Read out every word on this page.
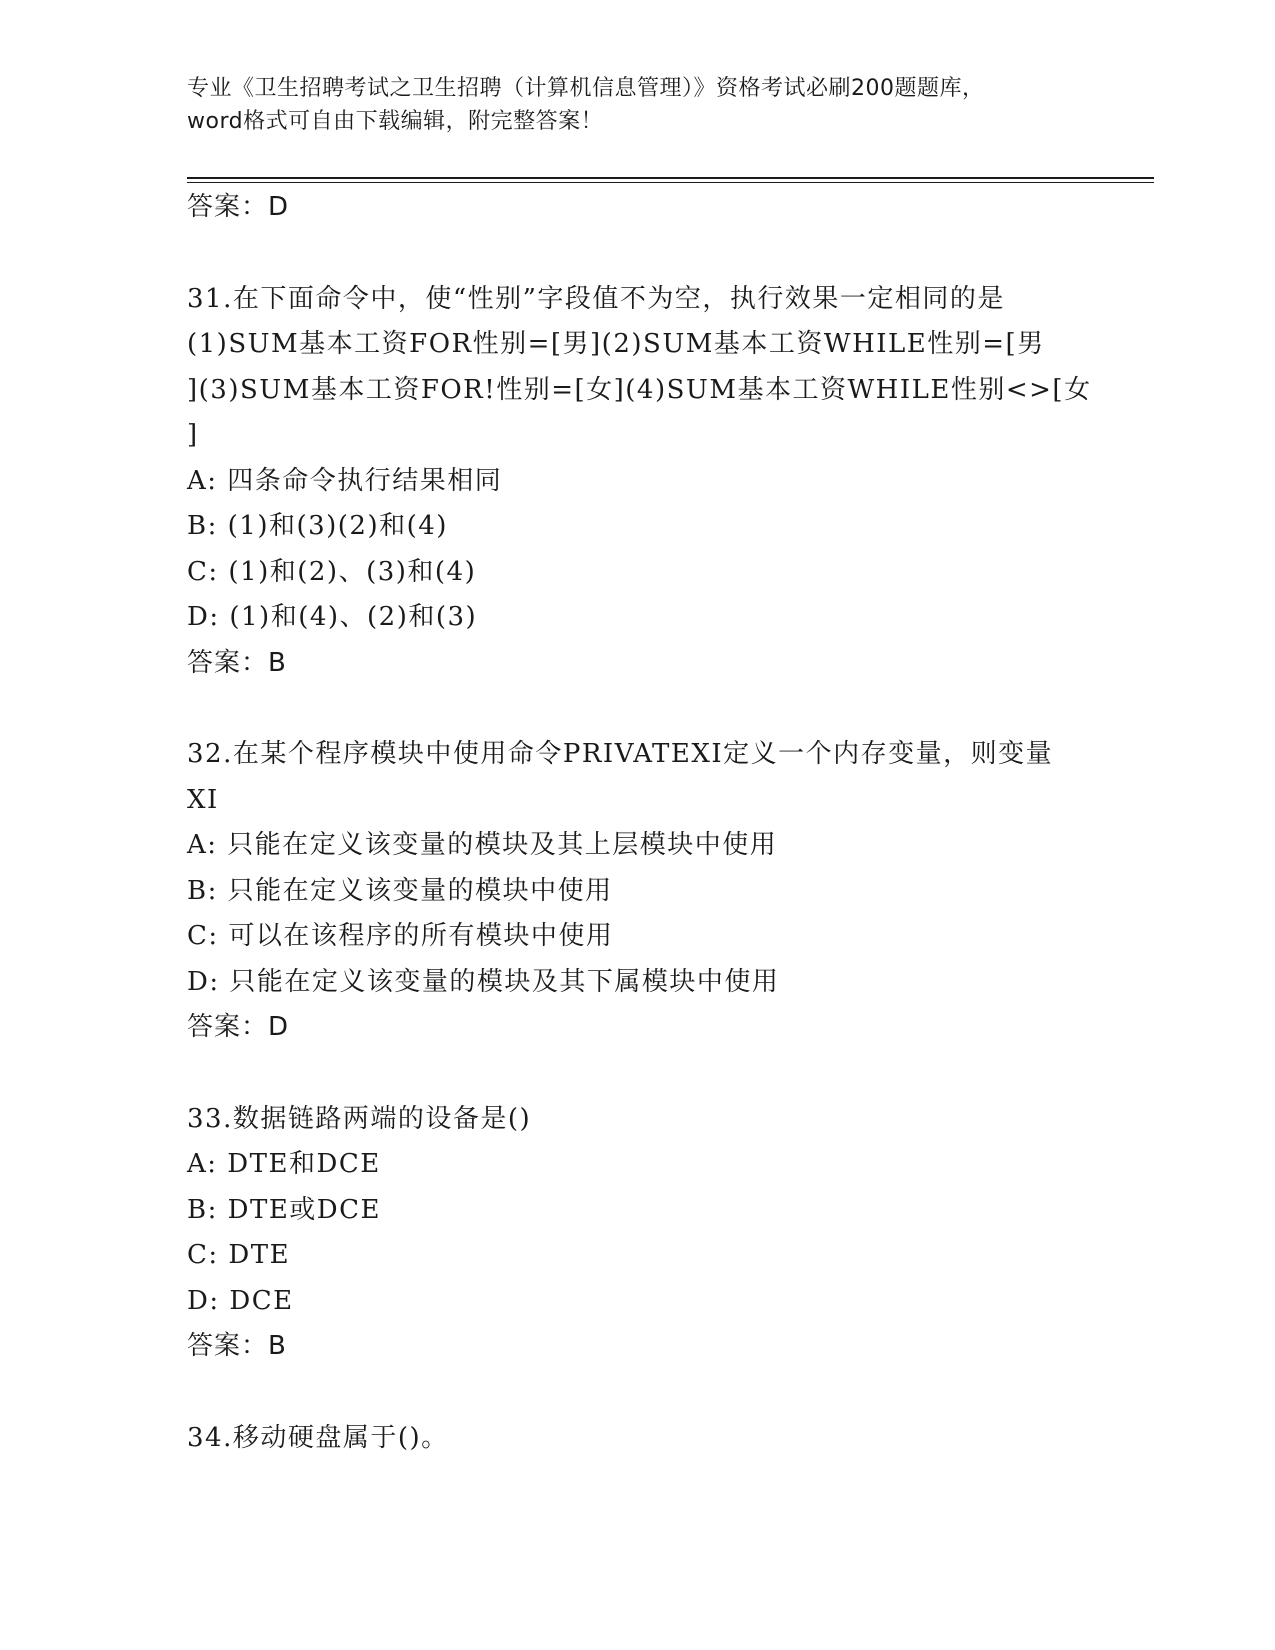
专业《卫生招聘考试之卫生招聘（计算机信息管理）》资格考试必刷200题题库，
word格式可自由下载编辑，附完整答案！
答案：D
31.在下面命令中，使“性别”字段值不为空，执行效果一定相同的是
(1)SUM基本工资FOR性别=[男](2)SUM基本工资WHILE性别=[男
](3)SUM基本工资FOR!性别=[女](4)SUM基本工资WHILE性别<>[女
]
A: 四条命令执行结果相同
B: (1)和(3)(2)和(4)
C: (1)和(2)、(3)和(4)
D: (1)和(4)、(2)和(3)
答案：B
32.在某个程序模块中使用命令PRIVATEXI定义一个内存变量，则变量
XI
A: 只能在定义该变量的模块及其上层模块中使用
B: 只能在定义该变量的模块中使用
C: 可以在该程序的所有模块中使用
D: 只能在定义该变量的模块及其下属模块中使用
答案：D
33.数据链路两端的设备是()
A: DTE和DCE
B: DTE或DCE
C: DTE
D: DCE
答案：B
34.移动硬盘属于()。
